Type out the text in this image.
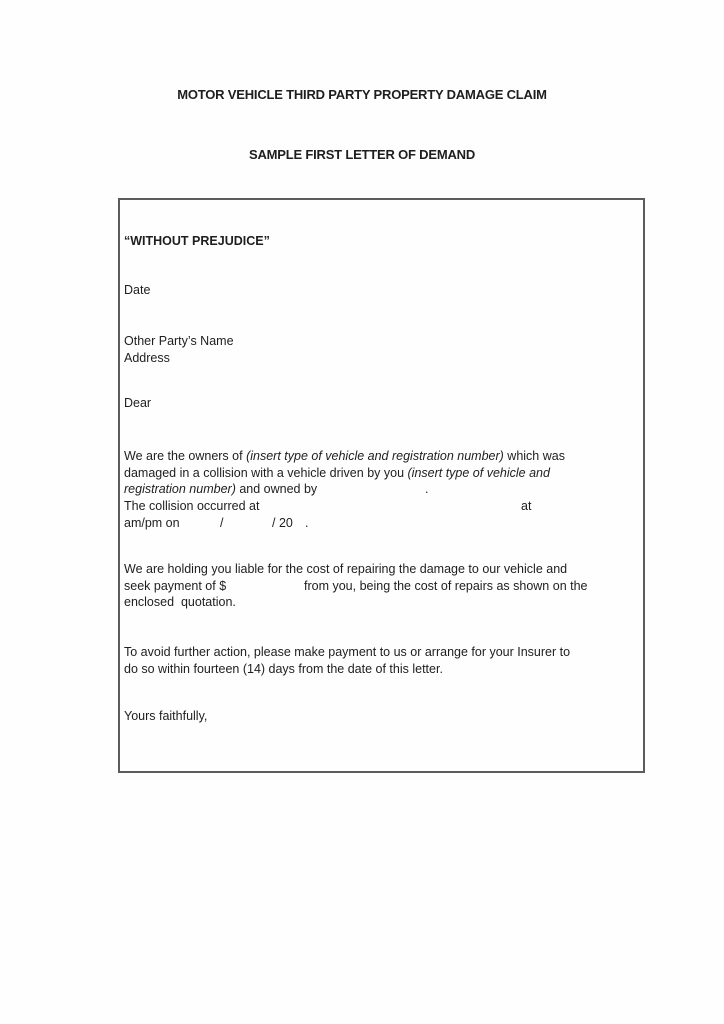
MOTOR VEHICLE THIRD PARTY PROPERTY DAMAGE CLAIM
SAMPLE FIRST LETTER OF DEMAND
“WITHOUT PREJUDICE”
Date
Other Party’s Name
Address
Dear
We are the owners of (insert type of vehicle and registration number) which was
damaged in a collision with a vehicle driven by you (insert type of vehicle and
registration number) and owned by	.
The collision occurred at	at
am/pm on	/	/ 20 .
We are holding you liable for the cost of repairing the damage to our vehicle and
seek payment of $	from you, being the cost of repairs as shown on the
enclosed  quotation.
To avoid further action, please make payment to us or arrange for your Insurer to
do so within fourteen (14) days from the date of this letter.
Yours faithfully,
